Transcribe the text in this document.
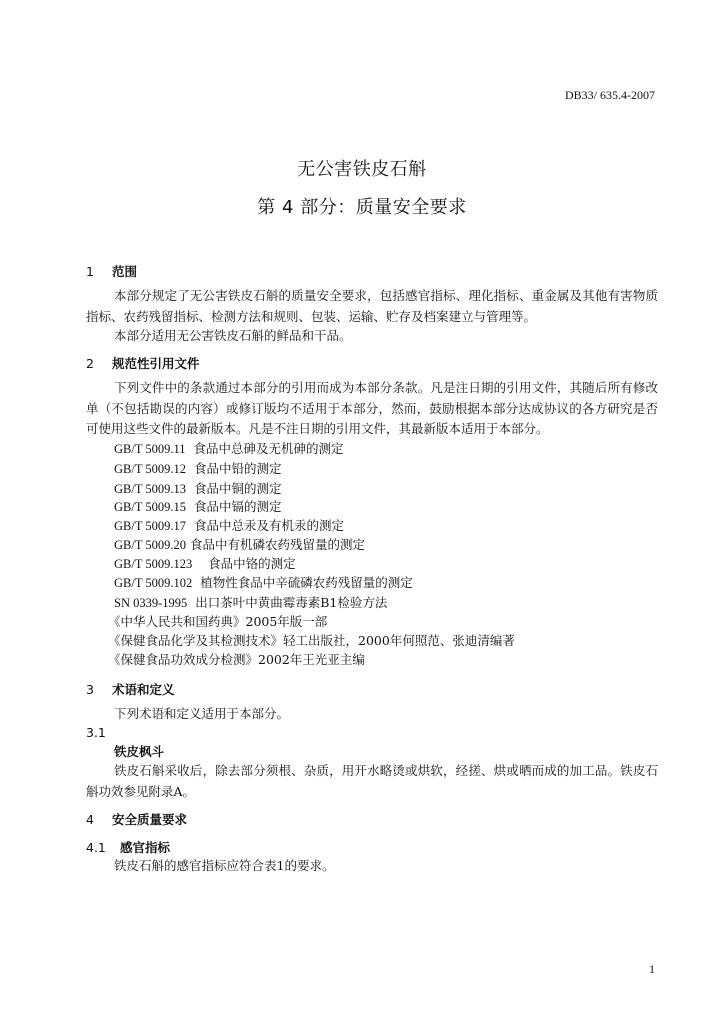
DB33/ 635.4-2007
无公害铁皮石斛
第 4 部分：质量安全要求
1 范围
本部分规定了无公害铁皮石斛的质量安全要求，包括感官指标、理化指标、重金属及其他有害物质指标、农药残留指标、检测方法和规则、包装、运输、贮存及档案建立与管理等。
本部分适用无公害铁皮石斛的鲜品和干品。
2 规范性引用文件
下列文件中的条款通过本部分的引用而成为本部分条款。凡是注日期的引用文件，其随后所有修改单（不包括勘误的内容）或修订版均不适用于本部分，然而，鼓励根据本部分达成协议的各方研究是否可使用这些文件的最新版本。凡是不注日期的引用文件，其最新版本适用于本部分。
GB/T 5009.11 食品中总砷及无机砷的测定
GB/T 5009.12 食品中铅的测定
GB/T 5009.13 食品中铜的测定
GB/T 5009.15 食品中镉的测定
GB/T 5009.17 食品中总汞及有机汞的测定
GB/T 5009.20 食品中有机磷农药残留量的测定
GB/T 5009.123 食品中铬的测定
GB/T 5009.102 植物性食品中辛硫磷农药残留量的测定
SN 0339-1995 出口茶叶中黄曲霉毒素B1检验方法
《中华人民共和国药典》2005年版一部
《保健食品化学及其检测技术》轻工出版社，2000年何照范、张迪清编著
《保健食品功效成分检测》2002年王光亚主编
3 术语和定义
下列术语和定义适用于本部分。
3.1
铁皮枫斗
铁皮石斛采收后，除去部分须根、杂质，用开水略烫或烘软，经搓、烘或晒而成的加工品。铁皮石斛功效参见附录A。
4 安全质量要求
4.1 感官指标
铁皮石斛的感官指标应符合表1的要求。
1
